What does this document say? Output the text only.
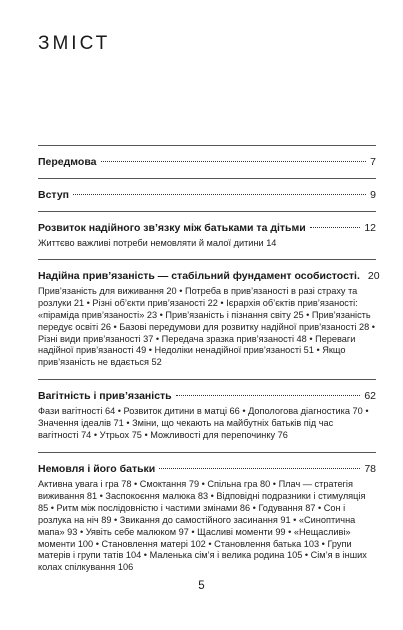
ЗМІСТ
Передмова	7
Вступ	9
Розвиток надійного зв’язку між батьками та дітьми	12
Життєво важливі потреби немовляти й малої дитини 14
Надійна прив’язаність — стабільний фундамент особистості. 20
Прив’язаність для виживання 20 • Потреба в прив’язаності в разі страху та розлуки 21 • Різні об’єкти прив’язаності 22 • Ієрархія об’єктів прив’язаності: «піраміда прив’язаності» 23 • Прив’язаність і пізнання світу 25 • Прив’язаність передує освіті 26 • Базові передумови для розвитку надійної прив’язаності 28 • Різні види прив’язаності 37 • Передача зразка прив’язаності 48 • Переваги надійної прив’язаності 49 • Недоліки ненадійної прив’язаності 51 • Якщо прив’язаність не вдається 52
Вагітність і прив’язаність	62
Фази вагітності 64 • Розвиток дитини в матці 66 • Допологова діагностика 70 • Значення ідеалів 71 • Зміни, що чекають на майбутніх батьків під час вагітності 74 • Утрьох 75 • Можливості для перепочинку 76
Немовля і його батьки	78
Активна увага і гра 78 • Смоктання 79 • Спільна гра 80 • Плач — стратегія виживання 81 • Заспокоєння малюка 83 • Відповідні подразники і стимуляція 85 • Ритм між послідовністю і частими змінами 86 • Годування 87 • Сон і розлука на ніч 89 • Звикання до самостійного засинання 91 • «Синоптична мапа» 93 • Уявіть себе малюком 97 • Щасливі моменти 99 • «Нещасливі» моменти 100 • Становлення матері 102 • Становлення батька 103 • Групи матерів і групи татів 104 • Маленька сім’я і велика родина 105 • Сім’я в інших колах спілкування 106
5
